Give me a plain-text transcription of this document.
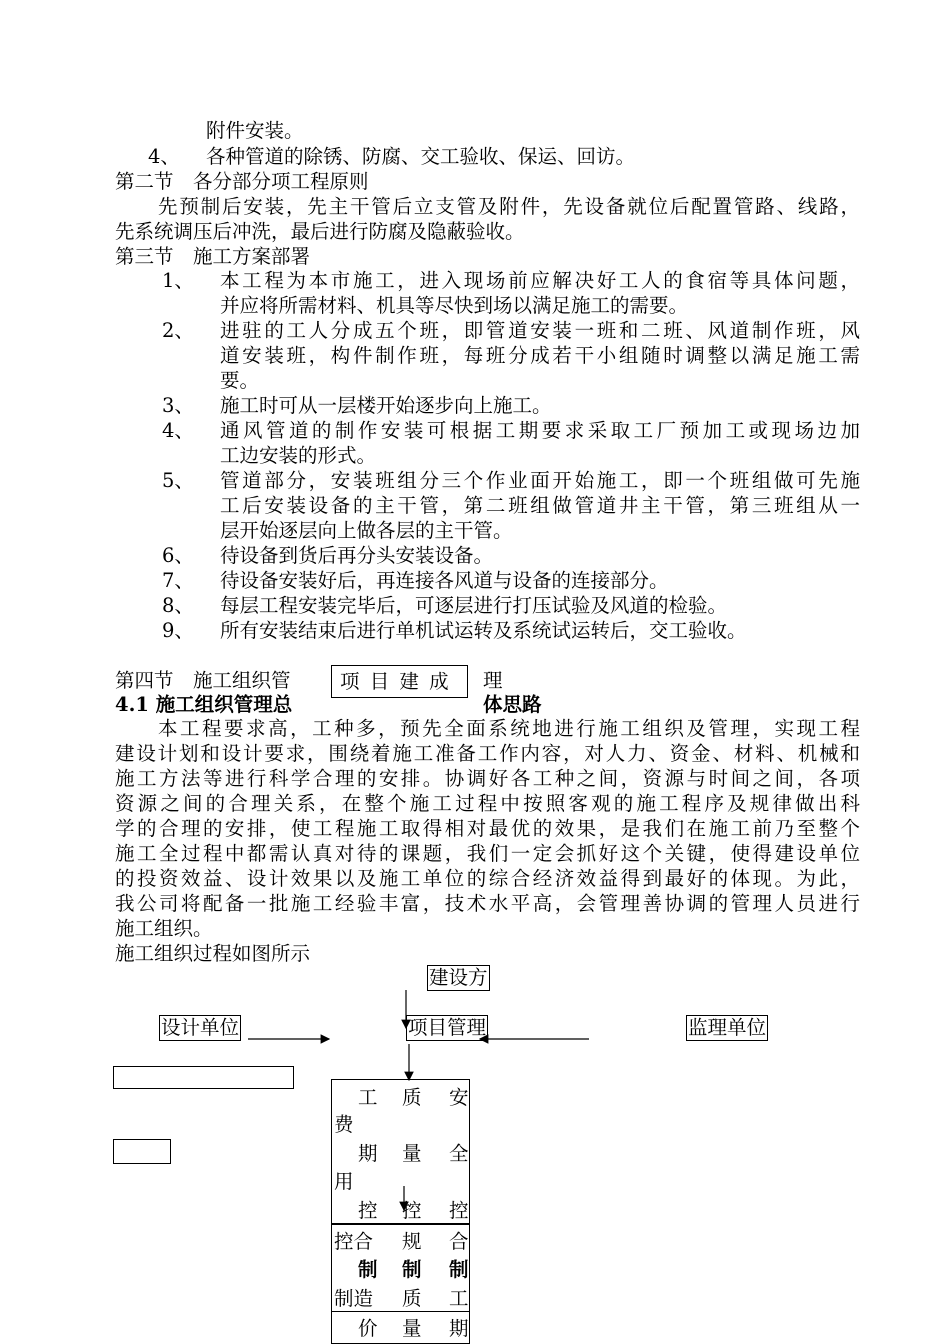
附件安装。
4、 各种管道的除锈、防腐、交工验收、保运、回访。
第二节　各分部分项工程原则
先预制后安装，先主干管后立支管及附件，先设备就位后配置管路、线路，
先系统调压后冲洗，最后进行防腐及隐蔽验收。
第三节　施工方案部署
1、 本工程为本市施工，进入现场前应解决好工人的食宿等具体问题，
并应将所需材料、机具等尽快到场以满足施工的需要。
2、 进驻的工人分成五个班，即管道安装一班和二班、风道制作班，风
道安装班，构件制作班，每班分成若干小组随时调整以满足施工需
要。
3、 施工时可从一层楼开始逐步向上施工。
4、 通风管道的制作安装可根据工期要求采取工厂预加工或现场边加
工边安装的形式。
5、 管道部分，安装班组分三个作业面开始施工，即一个班组做可先施
工后安装设备的主干管，第二班组做管道井主干管，第三班组从一
层开始逐层向上做各层的主干管。
6、 待设备到货后再分头安装设备。
7、 待设备安装好后，再连接各风道与设备的连接部分。
8、 每层工程安装完毕后，可逐层进行打压试验及风道的检验。
9、 所有安装结束后进行单机试运转及系统试运转后，交工验收。
第四节　施工组织管	项 目 建 成 理
4.1 施工组织管理总	体思路
本工程要求高，工种多，预先全面系统地进行施工组织及管理，实现工程
建设计划和设计要求，围绕着施工准备工作内容，对人力、资金、材料、机械和
施工方法等进行科学合理的安排。协调好各工种之间，资源与时间之间，各项
资源之间的合理关系，在整个施工过程中按照客观的施工程序及规律做出科
学的合理的安排，使工程施工取得相对最优的效果，是我们在施工前乃至整个
施工全过程中都需认真对待的课题，我们一定会抓好这个关键，使得建设单位
的投资效益、设计效果以及施工单位的综合经济效益得到最好的体现。为此，
我公司将配备一批施工经验丰富，技术水平高，会管理善协调的管理人员进行
施工组织。
施工组织过程如图所示
建设方
设计单位	项目管理	监理单位
工 质 安
费
期 量 全
用
控 控 控
控合 规 合
制 制 制
制造 质 工
价 量 期
